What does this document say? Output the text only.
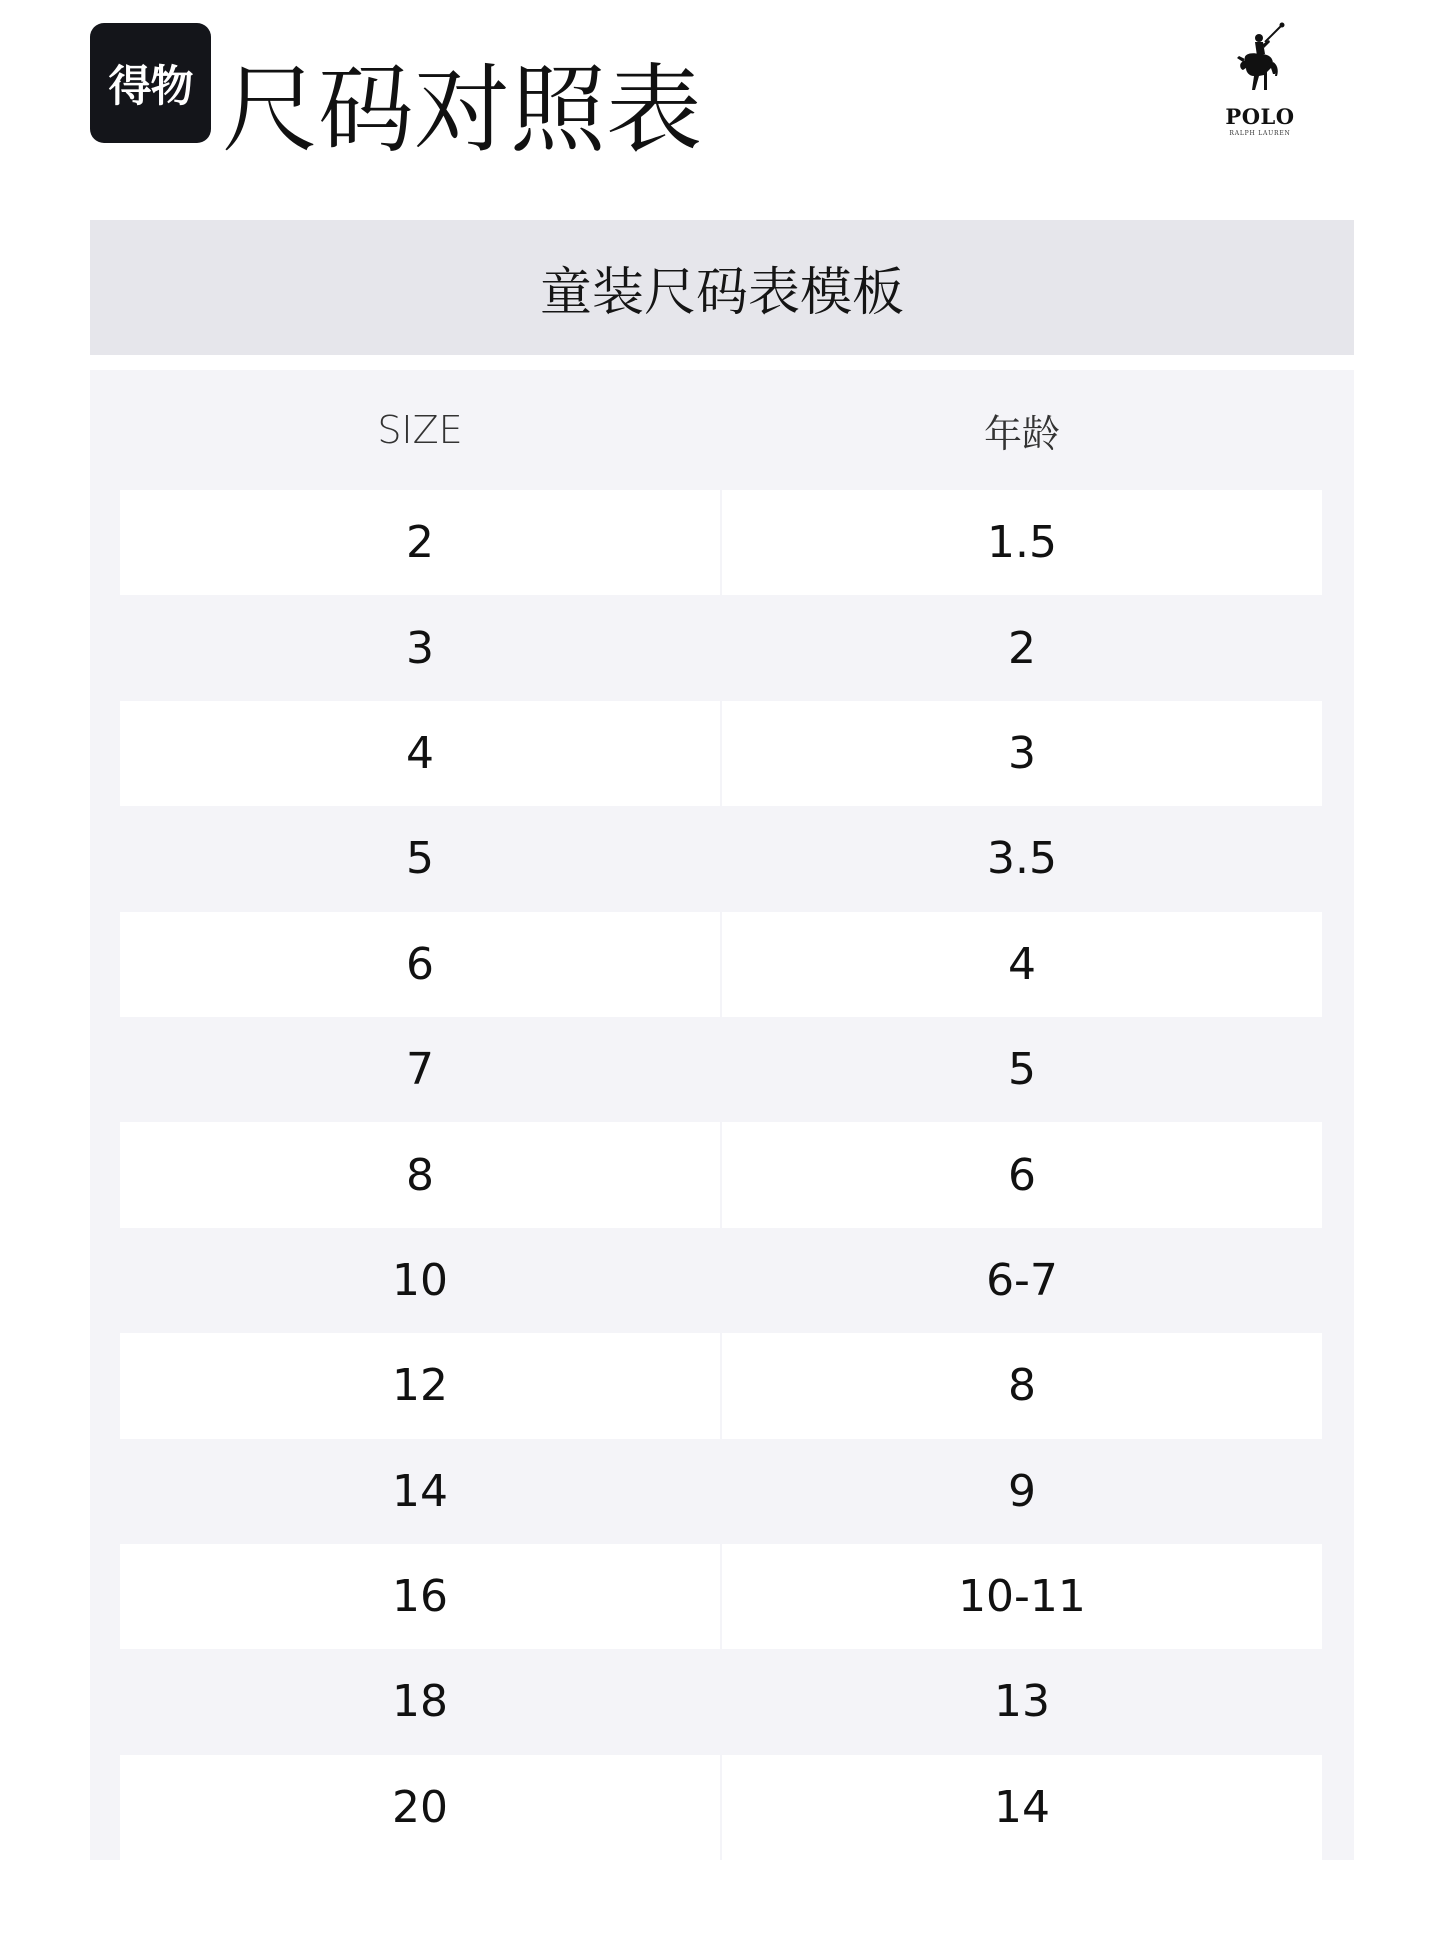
得物 尺码对照表	POLO
RALPH LAUREN
童装尺码表模板
SIZE	年龄
2	1.5
3	2
4	3
5	3.5
6	4
7	5
8	6
10	6-7
12	8
14	9
16	10-11
18	13
20	14
